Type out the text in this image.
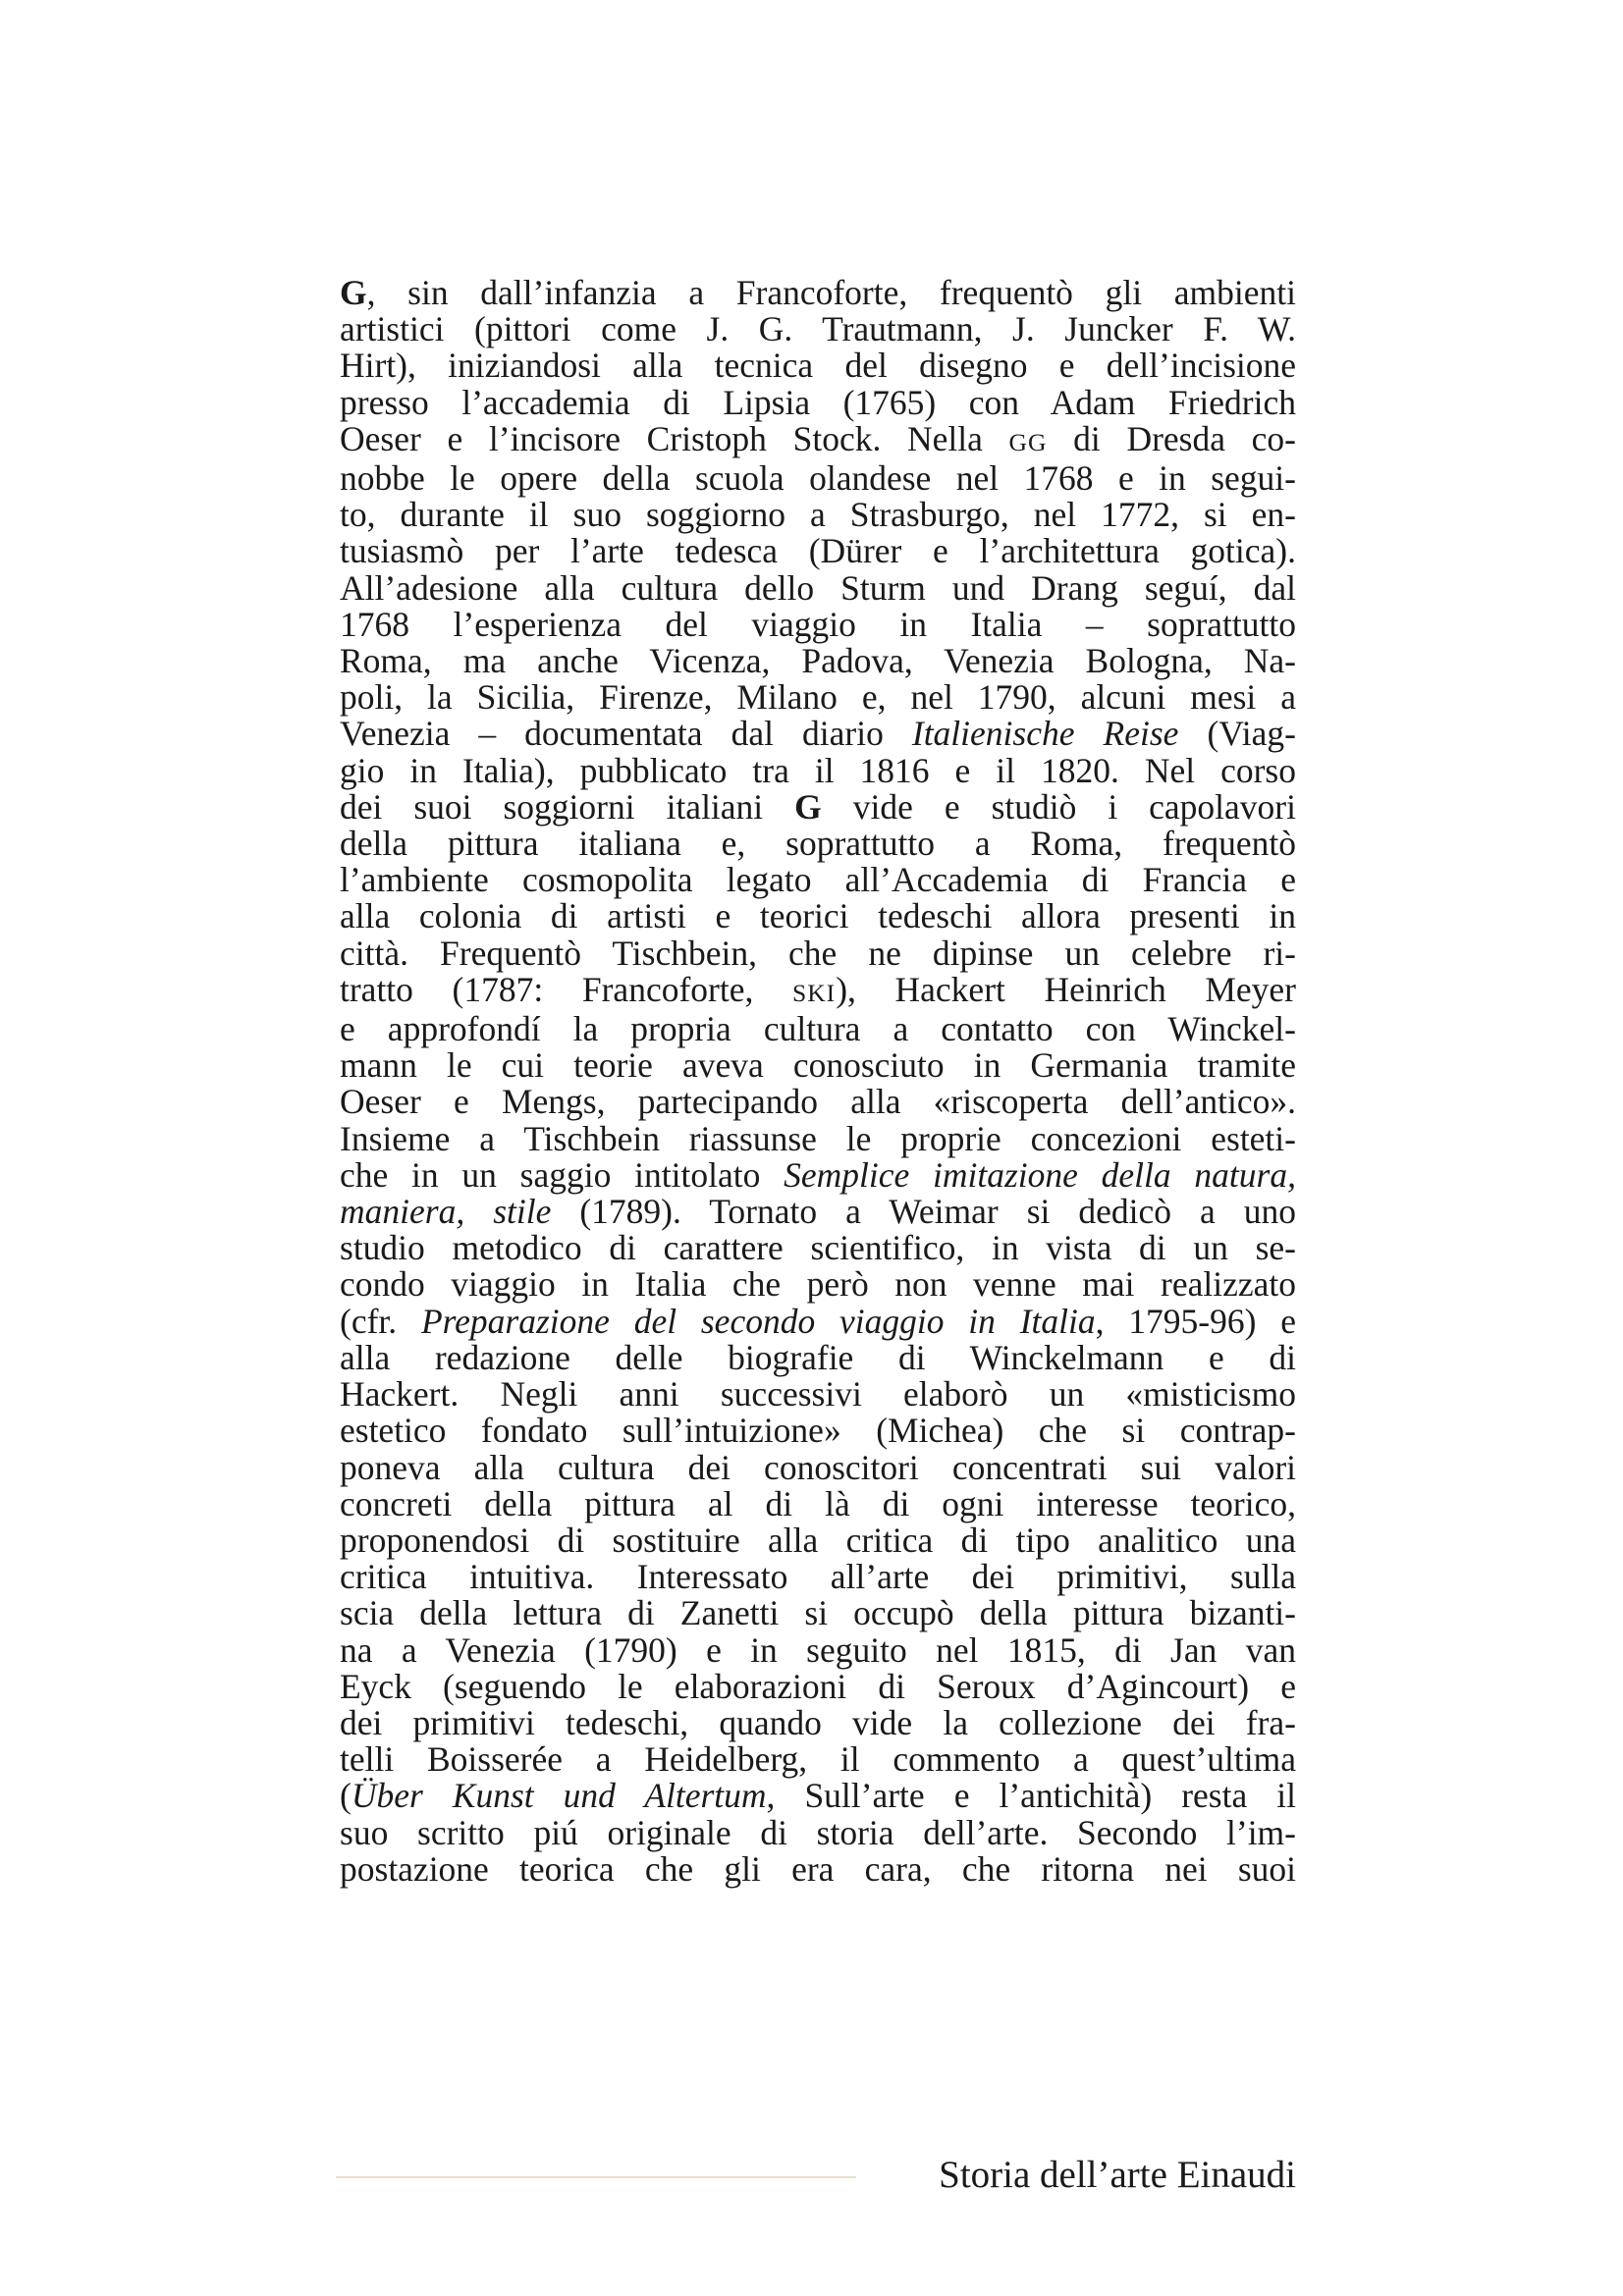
G, sin dall’infanzia a Francoforte, frequentò gli ambienti
artistici (pittori come J. G. Trautmann, J. Juncker F. W.
Hirt), iniziandosi alla tecnica del disegno e dell’incisione
presso l’accademia di Lipsia (1765) con Adam Friedrich
Oeser e l’incisore Cristoph Stock. Nella GG di Dresda co-
nobbe le opere della scuola olandese nel 1768 e in segui-
to, durante il suo soggiorno a Strasburgo, nel 1772, si en-
tusiasmò per l’arte tedesca (Dürer e l’architettura gotica).
All’adesione alla cultura dello Sturm und Drang seguí, dal
1768 l’esperienza del viaggio in Italia – soprattutto
Roma, ma anche Vicenza, Padova, Venezia Bologna, Na-
poli, la Sicilia, Firenze, Milano e, nel 1790, alcuni mesi a
Venezia – documentata dal diario Italienische Reise (Viag-
gio in Italia), pubblicato tra il 1816 e il 1820. Nel corso
dei suoi soggiorni italiani G vide e studiò i capolavori
della pittura italiana e, soprattutto a Roma, frequentò
l’ambiente cosmopolita legato all’Accademia di Francia e
alla colonia di artisti e teorici tedeschi allora presenti in
città. Frequentò Tischbein, che ne dipinse un celebre ri-
tratto (1787: Francoforte, SKI), Hackert Heinrich Meyer
e approfondí la propria cultura a contatto con Winckel-
mann le cui teorie aveva conosciuto in Germania tramite
Oeser e Mengs, partecipando alla «riscoperta dell’antico».
Insieme a Tischbein riassunse le proprie concezioni esteti-
che in un saggio intitolato Semplice imitazione della natura,
maniera, stile (1789). Tornato a Weimar si dedicò a uno
studio metodico di carattere scientifico, in vista di un se-
condo viaggio in Italia che però non venne mai realizzato
(cfr. Preparazione del secondo viaggio in Italia, 1795-96) e
alla redazione delle biografie di Winckelmann e di
Hackert. Negli anni successivi elaborò un «misticismo
estetico fondato sull’intuizione» (Michea) che si contrap-
poneva alla cultura dei conoscitori concentrati sui valori
concreti della pittura al di là di ogni interesse teorico,
proponendosi di sostituire alla critica di tipo analitico una
critica intuitiva. Interessato all’arte dei primitivi, sulla
scia della lettura di Zanetti si occupò della pittura bizanti-
na a Venezia (1790) e in seguito nel 1815, di Jan van
Eyck (seguendo le elaborazioni di Seroux d’Agincourt) e
dei primitivi tedeschi, quando vide la collezione dei fra-
telli Boisserée a Heidelberg, il commento a quest’ultima
(Über Kunst und Altertum, Sull’arte e l’antichità) resta il
suo scritto piú originale di storia dell’arte. Secondo l’im-
postazione teorica che gli era cara, che ritorna nei suoi
Storia dell’arte Einaudi
